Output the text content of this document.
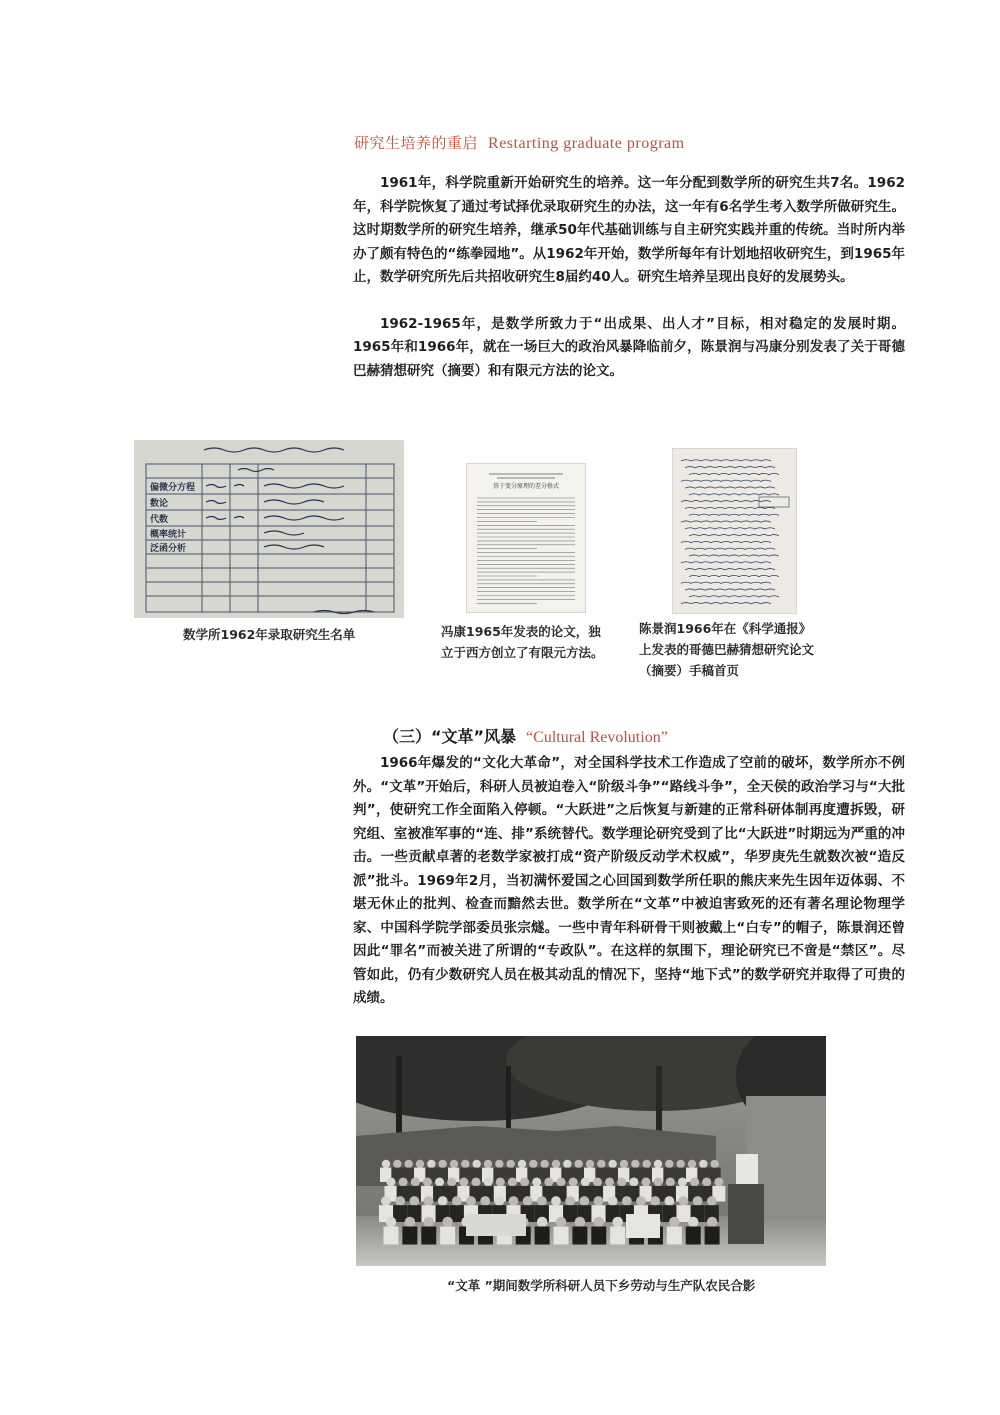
研究生培养的重启 Restarting graduate program

1961年，科学院重新开始研究生的培养。这一年分配到数学所的研究生共7名。1962年，科学院恢复了通过考试择优录取研究生的办法，这一年有6名学生考入数学所做研究生。这时期数学所的研究生培养，继承50年代基础训练与自主研究实践并重的传统。当时所内举办了颇有特色的“练拳园地”。从1962年开始，数学所每年有计划地招收研究生，到1965年止，数学研究所先后共招收研究生8届约40人。研究生培养呈现出良好的发展势头。

1962-1965年，是数学所致力于“出成果、出人才”目标，相对稳定的发展时期。1965年和1966年，就在一场巨大的政治风暴降临前夕，陈景润与冯康分别发表了关于哥德巴赫猜想研究（摘要）和有限元方法的论文。

偏微分方程
数论
代数
概率统计
泛函分析
数学所1962年录取研究生名单
基于变分原理的差分格式
冯康1965年发表的论文，独立于西方创立了有限元方法。
陈景润1966年在《科学通报》上发表的哥德巴赫猜想研究论文（摘要）手稿首页
（三）“文革”风暴 “Cultural Revolution”

1966年爆发的“文化大革命”，对全国科学技术工作造成了空前的破坏，数学所亦不例外。“文革”开始后，科研人员被迫卷入“阶级斗争”“路线斗争”，全天侯的政治学习与“大批判”，使研究工作全面陷入停顿。“大跃进”之后恢复与新建的正常科研体制再度遭拆毁，研究组、室被准军事的“连、排”系统替代。数学理论研究受到了比“大跃进”时期远为严重的冲击。一些贡献卓著的老数学家被打成“资产阶级反动学术权威”，华罗庚先生就数次被“造反派”批斗。1969年2月，当初满怀爱国之心回国到数学所任职的熊庆来先生因年迈体弱、不堪无休止的批判、检查而黯然去世。数学所在“文革”中被迫害致死的还有著名理论物理学家、中国科学院学部委员张宗燧。一些中青年科研骨干则被戴上“白专”的帽子，陈景润还曾因此“罪名”而被关进了所谓的“专政队”。在这样的氛围下，理论研究已不啻是“禁区”。尽管如此，仍有少数研究人员在极其动乱的情况下，坚持“地下式”的数学研究并取得了可贵的成绩。

“文革 ”期间数学所科研人员下乡劳动与生产队农民合影
